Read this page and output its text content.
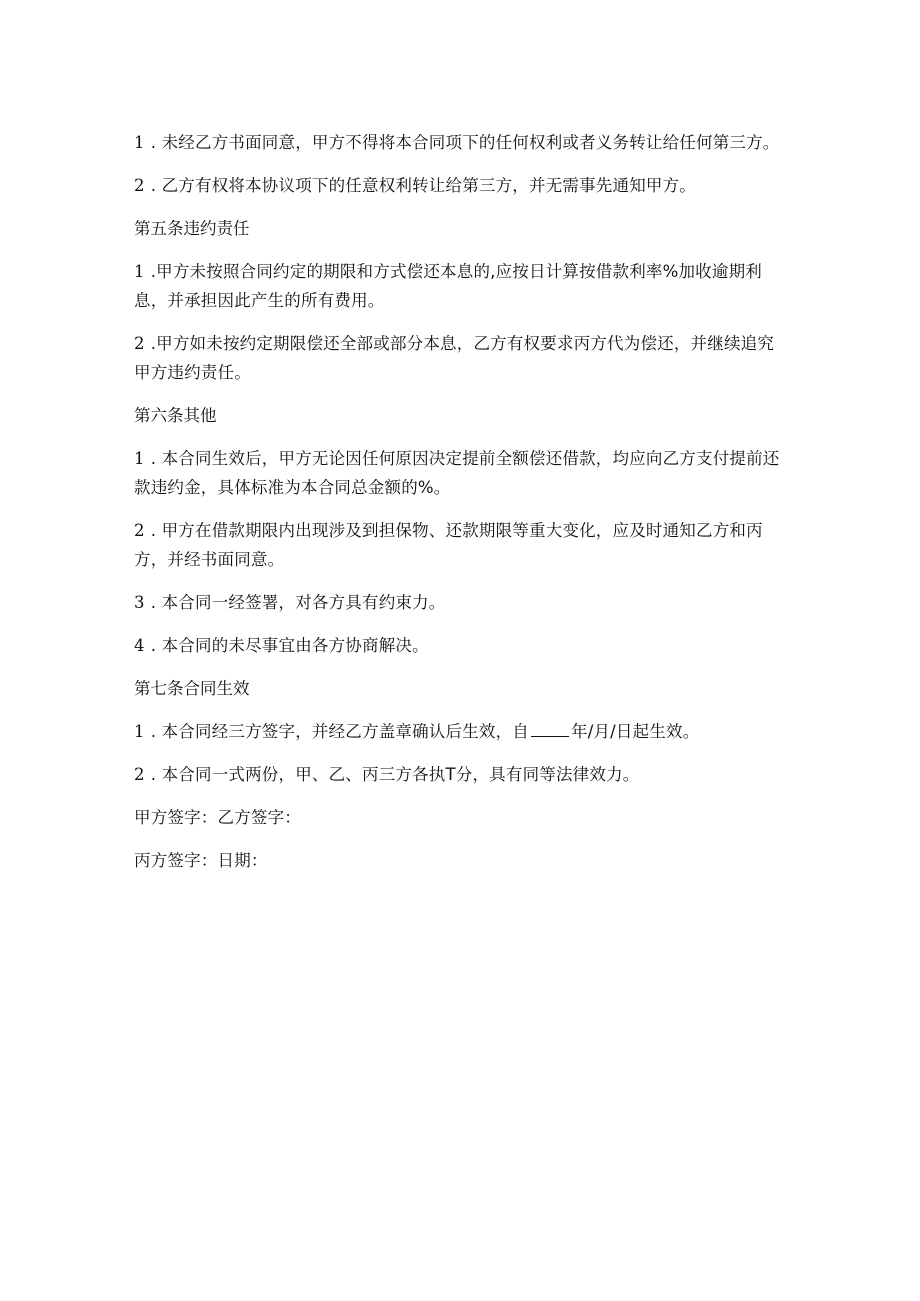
1 . 未经乙方书面同意，甲方不得将本合同项下的任何权利或者义务转让给任何第三方。

2 . 乙方有权将本协议项下的任意权利转让给第三方，并无需事先通知甲方。

第五条违约责任

1 .甲方未按照合同约定的期限和方式偿还本息的,应按日计算按借款利率%加收逾期利息，并承担因此产生的所有费用。

2 .甲方如未按约定期限偿还全部或部分本息，乙方有权要求丙方代为偿还，并继续追究甲方违约责任。

第六条其他

1 . 本合同生效后，甲方无论因任何原因决定提前全额偿还借款，均应向乙方支付提前还款违约金，具体标准为本合同总金额的%。

2 . 甲方在借款期限内出现涉及到担保物、还款期限等重大变化，应及时通知乙方和丙方，并经书面同意。

3 . 本合同一经签署，对各方具有约束力。

4 . 本合同的未尽事宜由各方协商解决。

第七条合同生效

1 . 本合同经三方签字，并经乙方盖章确认后生效，自	年/月/日起生效。

2 . 本合同一式两份，甲、乙、丙三方各执T分，具有同等法律效力。

甲方签字：乙方签字：

丙方签字：日期：
